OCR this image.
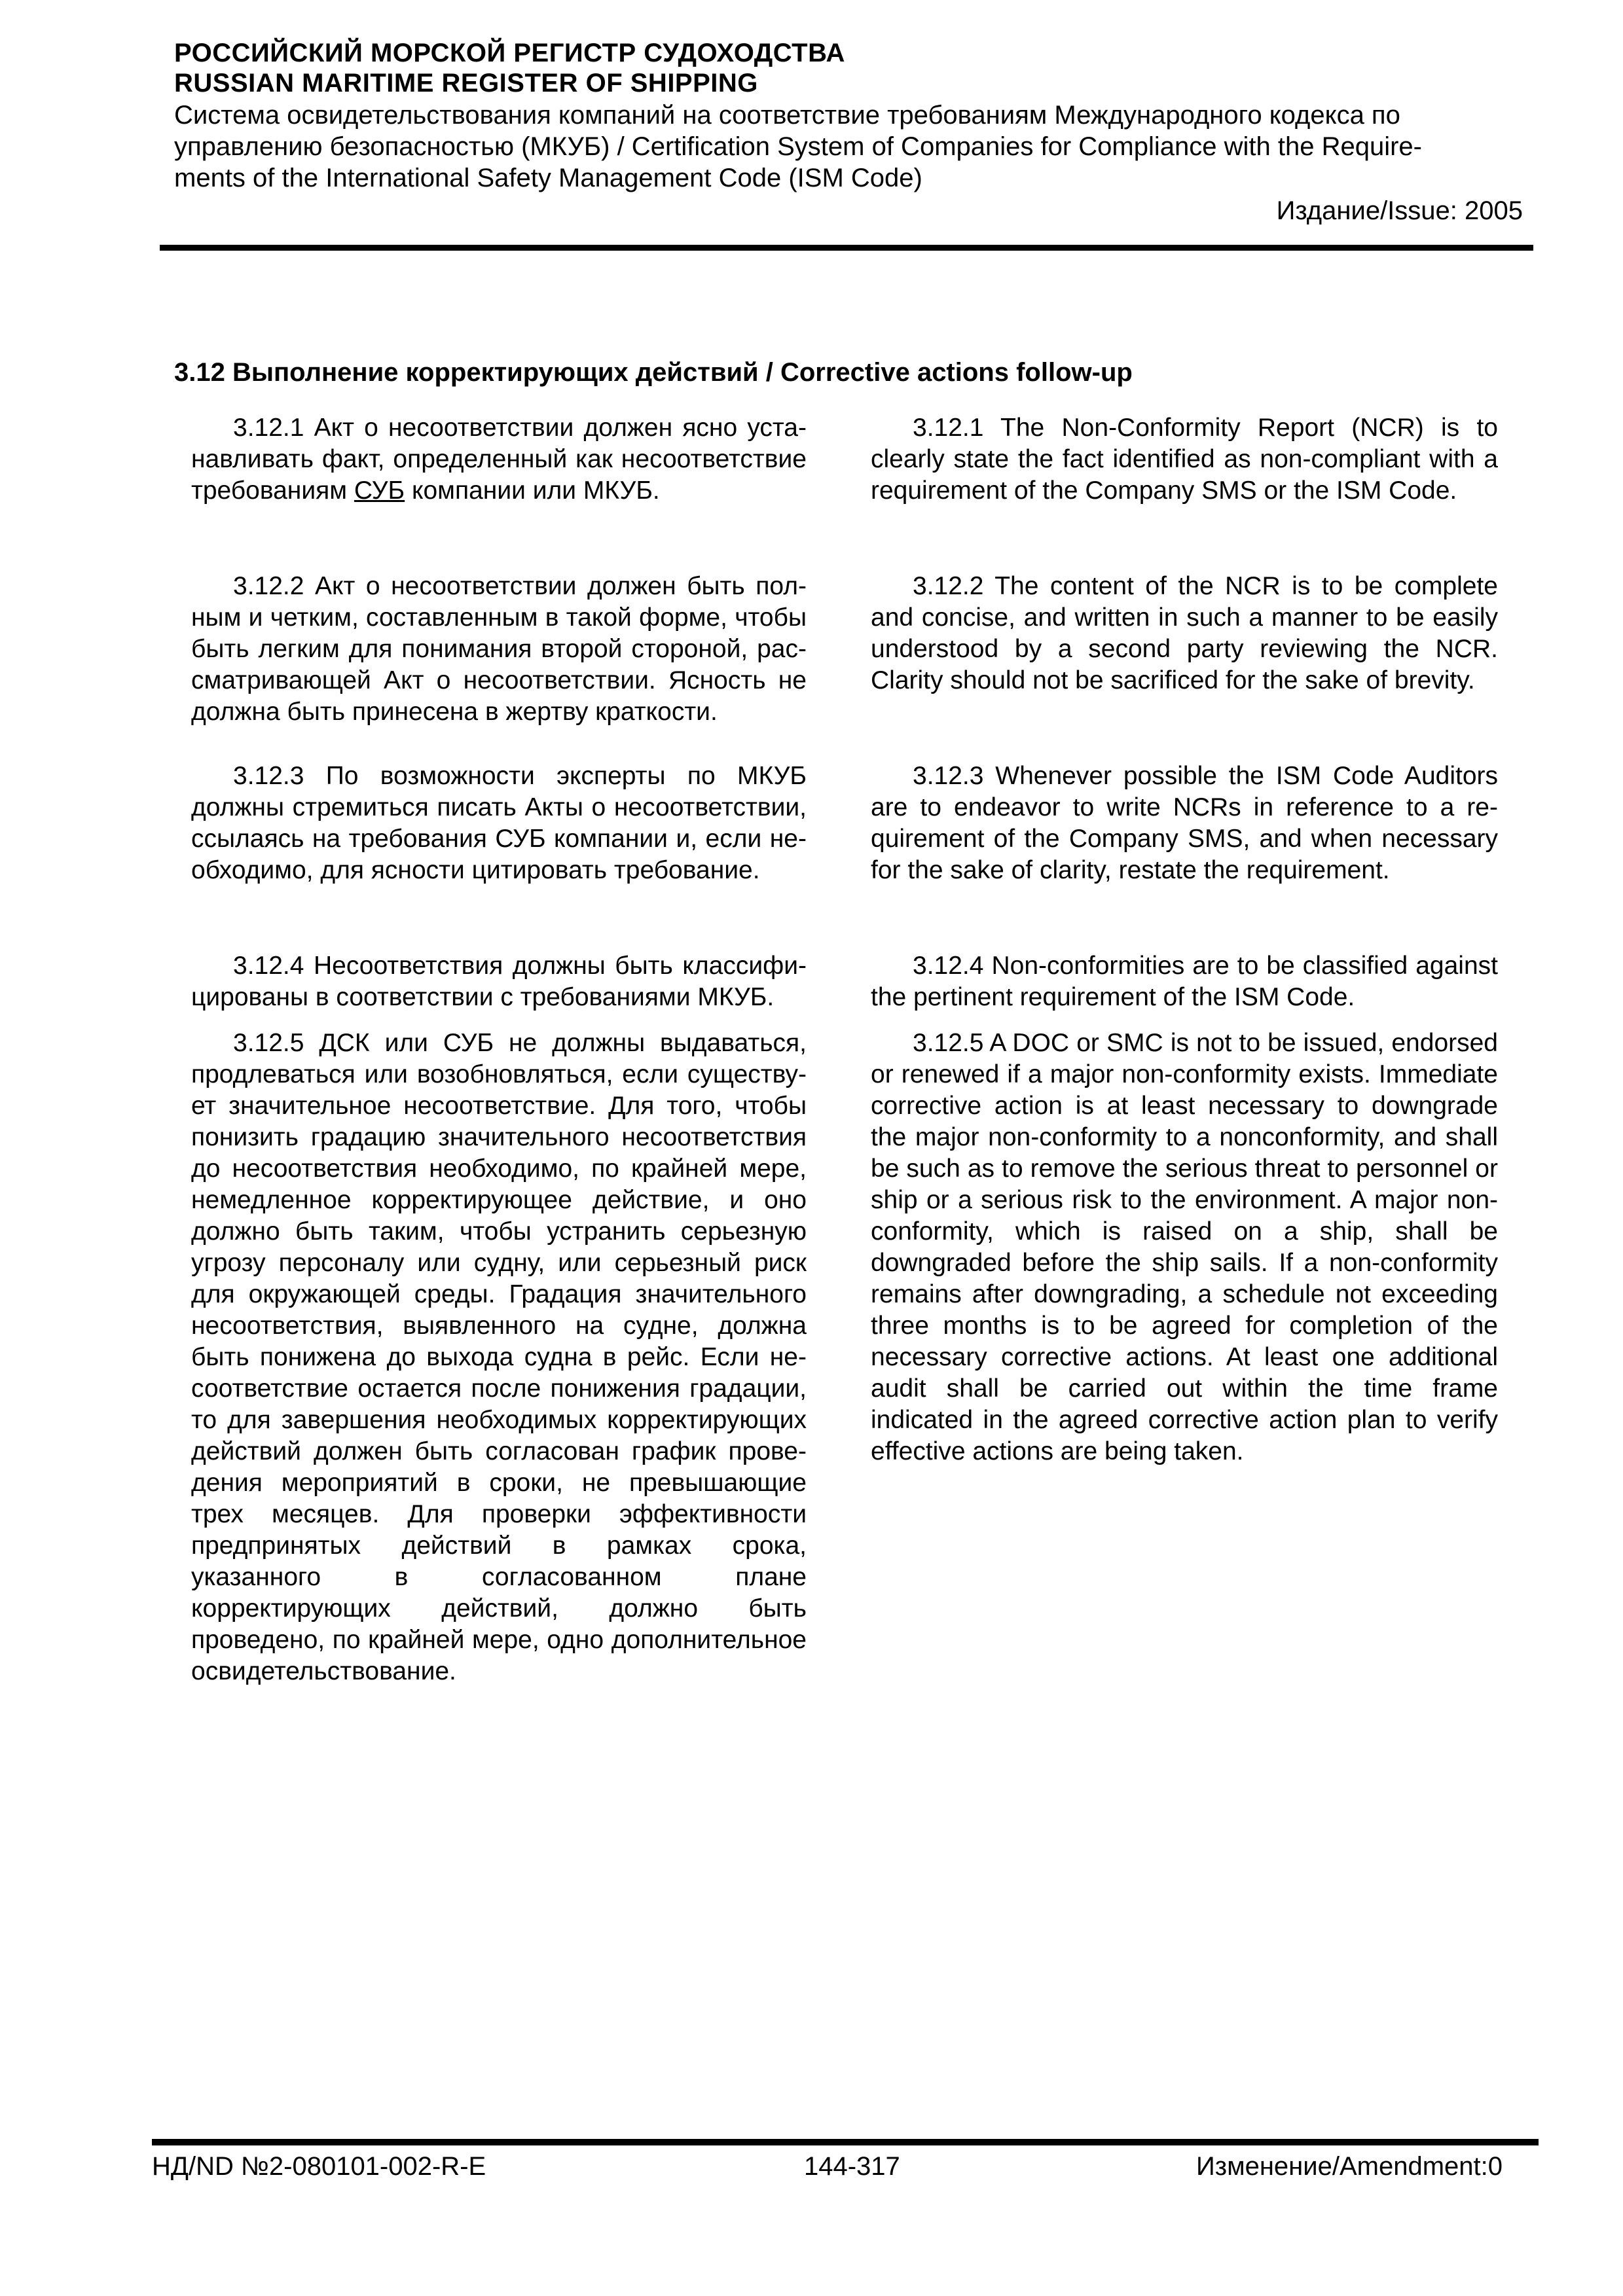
РОССИЙСКИЙ МОРСКОЙ РЕГИСТР СУДОХОДСТВА
RUSSIAN MARITIME REGISTER OF SHIPPING
Система освидетельствования компаний на соответствие требованиям Международного кодекса по
управлению безопасностью (МКУБ) / Certification System of Companies for Compliance with the Require-
ments of the International Safety Management Code (ISM Code)
Издание/Issue: 2005
3.12 Выполнение корректирующих действий / Corrective actions follow-up

3.12.1 Акт о несоответствии должен ясно устанавливать факт, определенный как несоответствие требованиям СУБ компании или МКУБ.

3.12.2 Акт о несоответствии должен быть полным и четким, составленным в такой форме, чтобы быть легким для понимания второй стороной, рассматривающей Акт о несоответствии. Ясность не должна быть принесена в жертву краткости.

3.12.3 По возможности эксперты по МКУБ должны стремиться писать Акты о несоответствии, ссылаясь на требования СУБ компании и, если необходимо, для ясности цитировать требование.

3.12.4 Несоответствия должны быть классифицированы в соответствии с требованиями МКУБ.

3.12.5 ДСК или СУБ не должны выдаваться, продлеваться или возобновляться, если существует значительное несоответствие. Для того, чтобы понизить градацию значительного несоответствия до несоответствия необходимо, по крайней мере, немедленное корректирующее действие, и оно должно быть таким, чтобы устранить серьезную угрозу персоналу или судну, или серьезный риск для окружающей среды. Градация значительного несоответствия, выявленного на судне, должна быть понижена до выхода судна в рейс. Если несоответствие остается после понижения градации, то для завершения необходимых корректирующих действий должен быть согласован график проведения мероприятий в сроки, не превышающие трех месяцев. Для проверки эффективности предпринятых действий в рамках срока, указанного в согласованном плане корректирующих действий, должно быть проведено, по крайней мере, одно дополнительное освидетельствование.

3.12.1 The Non-Conformity Report (NCR) is to clearly state the fact identified as non-compliant with a requirement of the Company SMS or the ISM Code.

3.12.2 The content of the NCR is to be complete and concise, and written in such a manner to be easily understood by a second party reviewing the NCR. Clarity should not be sacrificed for the sake of brevity.

3.12.3 Whenever possible the ISM Code Auditors are to endeavor to write NCRs in reference to a requirement of the Company SMS, and when necessary for the sake of clarity, restate the requirement.

3.12.4 Non-conformities are to be classified against the pertinent requirement of the ISM Code.

3.12.5 A DOC or SMC is not to be issued, endorsed or renewed if a major non-conformity exists. Immediate corrective action is at least necessary to downgrade the major non-conformity to a nonconformity, and shall be such as to remove the serious threat to personnel or ship or a serious risk to the environment. A major non-conformity, which is raised on a ship, shall be downgraded before the ship sails. If a non-conformity remains after downgrading, a schedule not exceeding three months is to be agreed for completion of the necessary corrective actions. At least one additional audit shall be carried out within the time frame indicated in the agreed corrective action plan to verify effective actions are being taken.

НД/ND №2-080101-002-R-E	144-317	Изменение/Amendment:0
